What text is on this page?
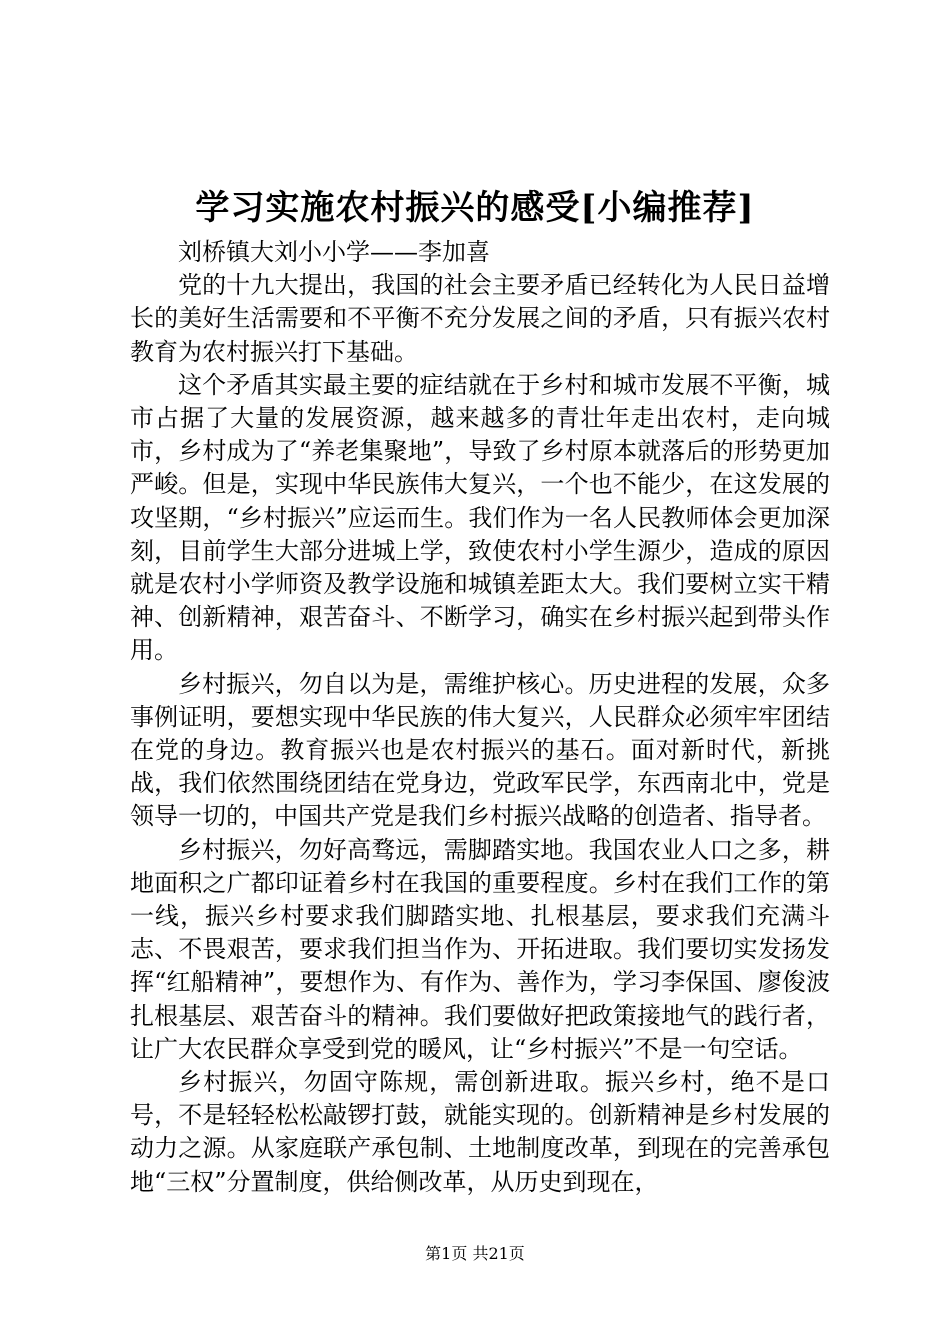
学习实施农村振兴的感受[小编推荐]

刘桥镇大刘小小学——李加喜

党的十九大提出，我国的社会主要矛盾已经转化为人民日益增长的美好生活需要和不平衡不充分发展之间的矛盾，只有振兴农村教育为农村振兴打下基础。

这个矛盾其实最主要的症结就在于乡村和城市发展不平衡，城市占据了大量的发展资源，越来越多的青壮年走出农村，走向城市，乡村成为了“养老集聚地”，导致了乡村原本就落后的形势更加严峻。但是，实现中华民族伟大复兴，一个也不能少，在这发展的攻坚期，“乡村振兴”应运而生。我们作为一名人民教师体会更加深刻，目前学生大部分进城上学，致使农村小学生源少，造成的原因就是农村小学师资及教学设施和城镇差距太大。我们要树立实干精神、创新精神，艰苦奋斗、不断学习，确实在乡村振兴起到带头作用。

乡村振兴，勿自以为是，需维护核心。历史进程的发展，众多事例证明，要想实现中华民族的伟大复兴，人民群众必须牢牢团结在党的身边。教育振兴也是农村振兴的基石。面对新时代，新挑战，我们依然围绕团结在党身边，党政军民学，东西南北中，党是领导一切的，中国共产党是我们乡村振兴战略的创造者、指导者。

乡村振兴，勿好高骛远，需脚踏实地。我国农业人口之多，耕地面积之广都印证着乡村在我国的重要程度。乡村在我们工作的第一线，振兴乡村要求我们脚踏实地、扎根基层，要求我们充满斗志、不畏艰苦，要求我们担当作为、开拓进取。我们要切实发扬发挥“红船精神”，要想作为、有作为、善作为，学习李保国、廖俊波扎根基层、艰苦奋斗的精神。我们要做好把政策接地气的践行者，让广大农民群众享受到党的暖风，让“乡村振兴”不是一句空话。

乡村振兴，勿固守陈规，需创新进取。振兴乡村，绝不是口号，不是轻轻松松敲锣打鼓，就能实现的。创新精神是乡村发展的动力之源。从家庭联产承包制、土地制度改革，到现在的完善承包地“三权”分置制度，供给侧改革，从历史到现在，

第1页 共21页
